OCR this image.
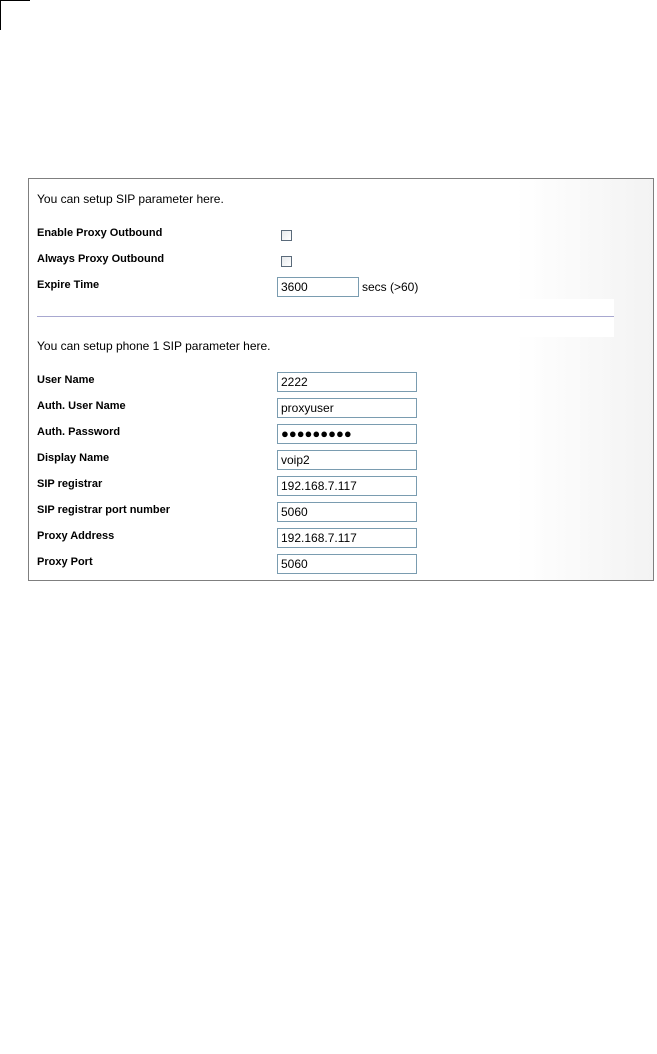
You can setup SIP parameter here.
Enable Proxy Outbound
Always Proxy Outbound
Expire Time
3600	secs (>60)
You can setup phone 1 SIP parameter here.
User Name
2222
Auth. User Name
proxyuser
Auth. Password	●●●●●●●●●
Display Name
voip2
SIP registrar
192.168.7.117
SIP registrar port number
5060
Proxy Address
192.168.7.117
Proxy Port
5060
